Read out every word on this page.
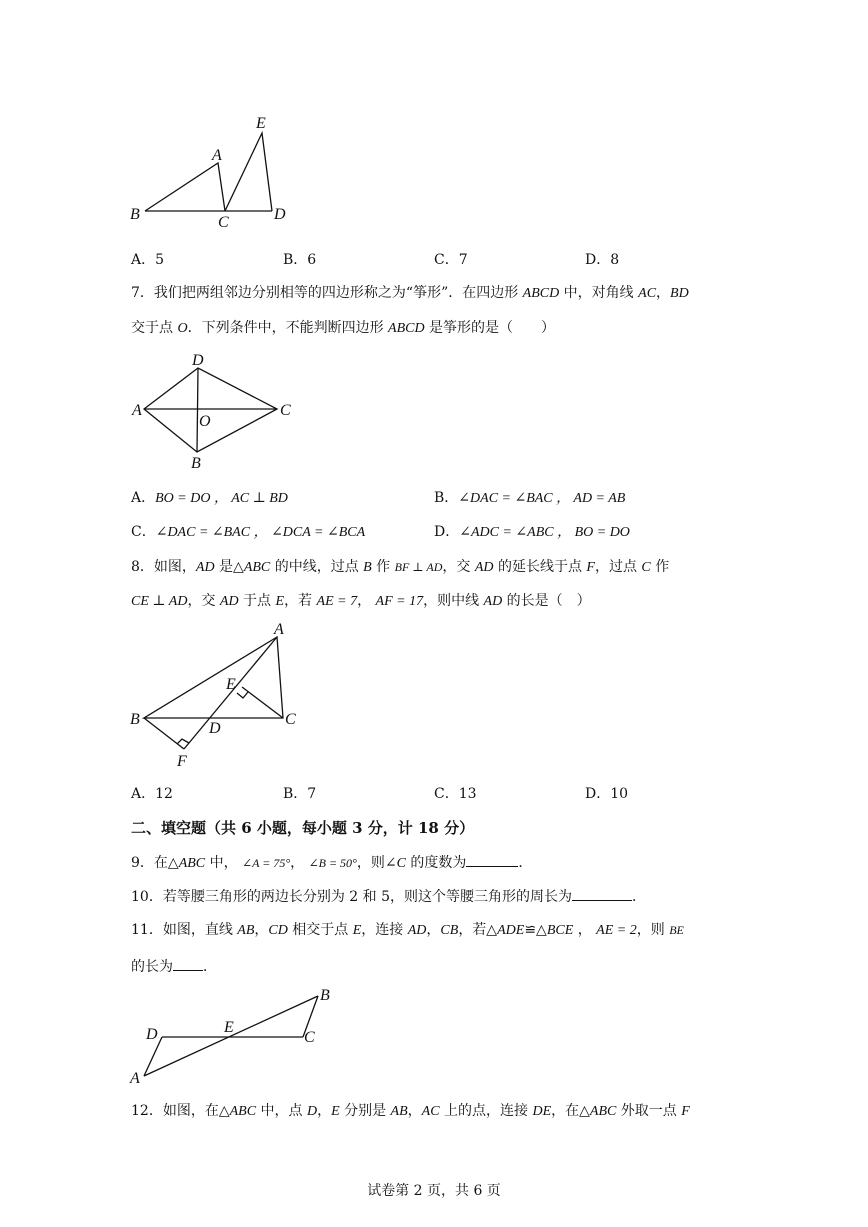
E
A
B	C	D
A．5	B．6	C．7	D．8
7．我们把两组邻边分别相等的四边形称之为“筝形”．在四边形 ABCD 中，对角线 AC，BD
交于点 O．下列条件中，不能判断四边形 ABCD 是筝形的是（　　）
D
A
O
C
B
A．BO = DO ， AC ⊥ BD	B．∠DAC = ∠BAC ， AD = AB
C．∠DAC = ∠BAC ， ∠DCA = ∠BCA	D．∠ADC = ∠ABC ， BO = DO
8．如图，AD 是△ABC 的中线，过点 B 作 BF ⊥ AD，交 AD 的延长线于点 F，过点 C 作
CE ⊥ AD，交 AD 于点 E，若 AE = 7， AF = 17，则中线 AD 的长是（　）
A
E
B	C
D
F
A．12	B．7	C．13	D．10
二、填空题（共 6 小题，每小题 3 分，计 18 分）
9．在△ABC 中， ∠A = 75°， ∠B = 50°，则∠C 的度数为	．
10．若等腰三角形的两边长分别为 2 和 5，则这个等腰三角形的周长为	．
11．如图，直线 AB，CD 相交于点 E，连接 AD，CB，若△ADE≌△BCE ， AE = 2，则 BE
的长为 ．
B
D	E
C
A
12．如图，在△ABC 中，点 D，E 分别是 AB，AC 上的点，连接 DE，在△ABC 外取一点 F
试卷第 2 页，共 6 页
